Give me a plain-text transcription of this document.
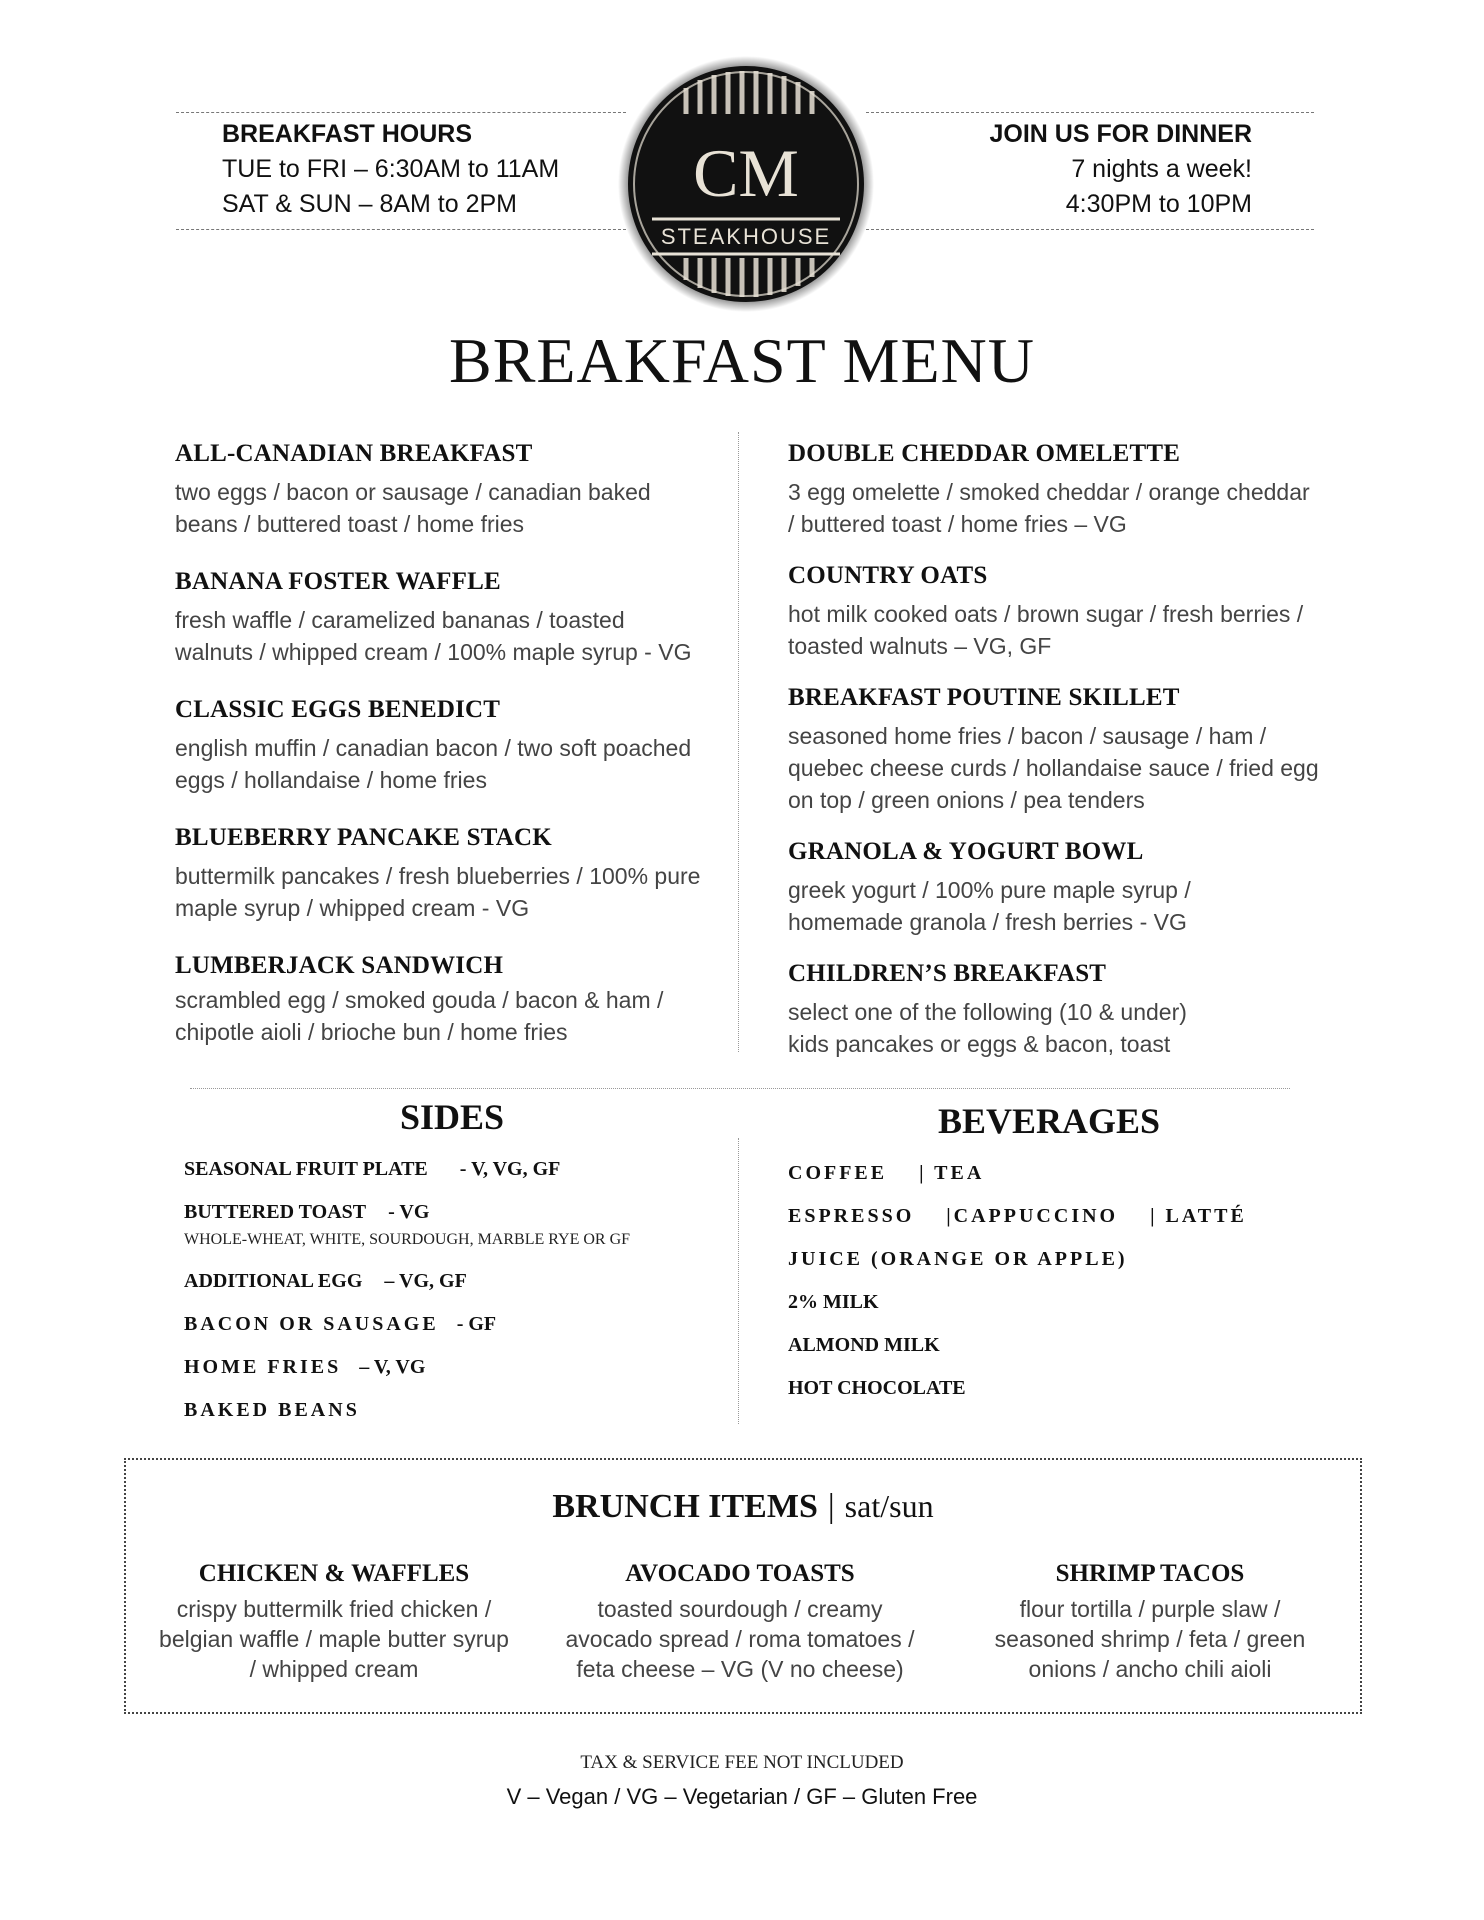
BREAKFAST HOURS
TUE to FRI – 6:30AM to 11AM
SAT & SUN – 8AM to 2PM
JOIN US FOR DINNER
7 nights a week!
4:30PM to 10PM
CM
STEAKHOUSE
BREAKFAST MENU
ALL-CANADIAN BREAKFAST
two eggs / bacon or sausage / canadian baked
beans / buttered toast / home fries
BANANA FOSTER WAFFLE
fresh waffle / caramelized bananas / toasted
walnuts / whipped cream / 100% maple syrup - VG
CLASSIC EGGS BENEDICT
english muffin / canadian bacon / two soft poached
eggs / hollandaise / home fries
BLUEBERRY PANCAKE STACK
buttermilk pancakes / fresh blueberries / 100% pure
maple syrup / whipped cream - VG
LUMBERJACK SANDWICH
scrambled egg / smoked gouda / bacon & ham /
chipotle aioli / brioche bun / home fries
DOUBLE CHEDDAR OMELETTE
3 egg omelette / smoked cheddar / orange cheddar
/ buttered toast / home fries – VG
COUNTRY OATS
hot milk cooked oats / brown sugar / fresh berries /
toasted walnuts – VG, GF
BREAKFAST POUTINE SKILLET
seasoned home fries / bacon / sausage / ham /
quebec cheese curds / hollandaise sauce / fried egg
on top / green onions / pea tenders
GRANOLA & YOGURT BOWL
greek yogurt / 100% pure maple syrup /
homemade granola / fresh berries - VG
CHILDREN’S BREAKFAST
select one of the following (10 & under)
kids pancakes or eggs & bacon, toast
SIDES
SEASONAL FRUIT PLATE - V, VG, GF
BUTTERED TOAST - VG
WHOLE-WHEAT, WHITE, SOURDOUGH, MARBLE RYE OR GF
ADDITIONAL EGG – VG, GF
BACON OR SAUSAGE - GF
HOME FRIES – V, VG
BAKED BEANS
BEVERAGES
COFFEE    | TEA
ESPRESSO    |CAPPUCCINO    | LATTÉ
JUICE (ORANGE OR APPLE)
2% MILK
ALMOND MILK
HOT CHOCOLATE
BRUNCH ITEMS | sat/sun
CHICKEN & WAFFLES
crispy buttermilk fried chicken /
belgian waffle / maple butter syrup
/ whipped cream
AVOCADO TOASTS
toasted sourdough / creamy
avocado spread / roma tomatoes /
feta cheese – VG (V no cheese)
SHRIMP TACOS
flour tortilla / purple slaw /
seasoned shrimp / feta / green
onions / ancho chili aioli
TAX & SERVICE FEE NOT INCLUDED
V – Vegan / VG – Vegetarian / GF – Gluten Free
